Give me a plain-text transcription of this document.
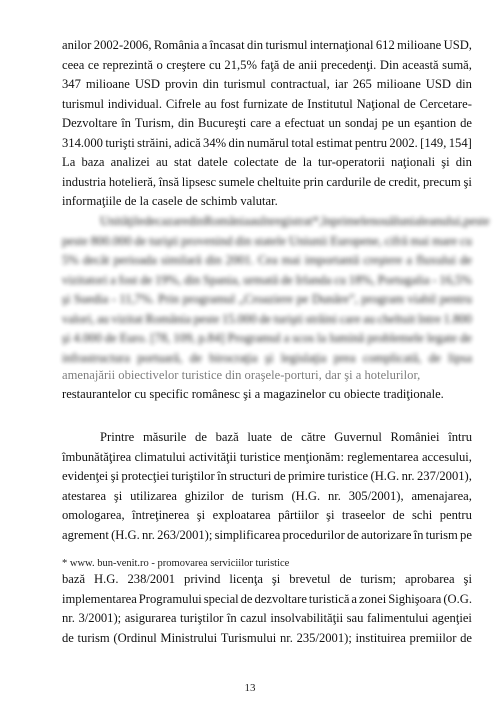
anilor 2002-2006, România a încasat din turismul internaţional 612 milioane USD,
ceea ce reprezintă o creştere cu 21,5% faţă de anii precedenţi. Din această sumă,
347 milioane USD provin din turismul contractual, iar 265 milioane USD din
turismul individual. Cifrele au fost furnizate de Institutul Naţional de Cercetare-
Dezvoltare în Turism, din Bucureşti care a efectuat un sondaj pe un eşantion de
314.000 turişti străini, adică 34% din numărul total estimat pentru 2002. [149, 154]
La baza analizei au stat datele colectate de la tur-operatorii naţionali şi din
industria hotelieră, însă lipsesc sumele cheltuite prin cardurile de credit, precum şi
informaţiile de la casele de schimb valutar.
Unităţile de cazare din România au înregistrat*, în primele nouă luni ale anului, peste
peste 800.000 de turişti provenind din statele Uniunii Europene, cifră mai mare cu
5% decât perioada similară din 2001. Cea mai importantă creştere a fluxului de
vizitatori a fost de 19%, din Spania, urmată de Irlanda cu 18%, Portugalia - 16,5%
şi Suedia - 11,7%. Prin programul „Croaziere pe Dunăre”, program viabil pentru
valori, au vizitat România peste 15.000 de turişti străini care au cheltuit între 1.800
şi 4.000 de Euro. [78, 109, p.84] Programul a scos la lumină problemele legate de
infrastructura portuară, de birocraţia şi legislaţia prea complicată, de lipsa
amenajării obiectivelor turistice din oraşele-porturi, dar şi a hotelurilor,
restaurantelor cu specific românesc şi a magazinelor cu obiecte tradiţionale.
Printre măsurile de bază luate de către Guvernul României întru
îmbunătăţirea climatului activităţii turistice menţionăm: reglementarea accesului,
evidenţei şi protecţiei turiştilor în structuri de primire turistice (H.G. nr. 237/2001),
atestarea şi utilizarea ghizilor de turism (H.G. nr. 305/2001), amenajarea,
omologarea, întreţinerea şi exploatarea pârtiilor şi traseelor de schi pentru
agrement (H.G. nr. 263/2001); simplificarea procedurilor de autorizare în turism pe
* www. bun-venit.ro - promovarea serviciilor turistice
bază H.G. 238/2001 privind licenţa şi brevetul de turism; aprobarea şi
implementarea Programului special de dezvoltare turistică a zonei Sighişoara (O.G.
nr. 3/2001); asigurarea turiştilor în cazul insolvabilităţii sau falimentului agenţiei
de turism (Ordinul Ministrului Turismului nr. 235/2001); instituirea premiilor de
13
